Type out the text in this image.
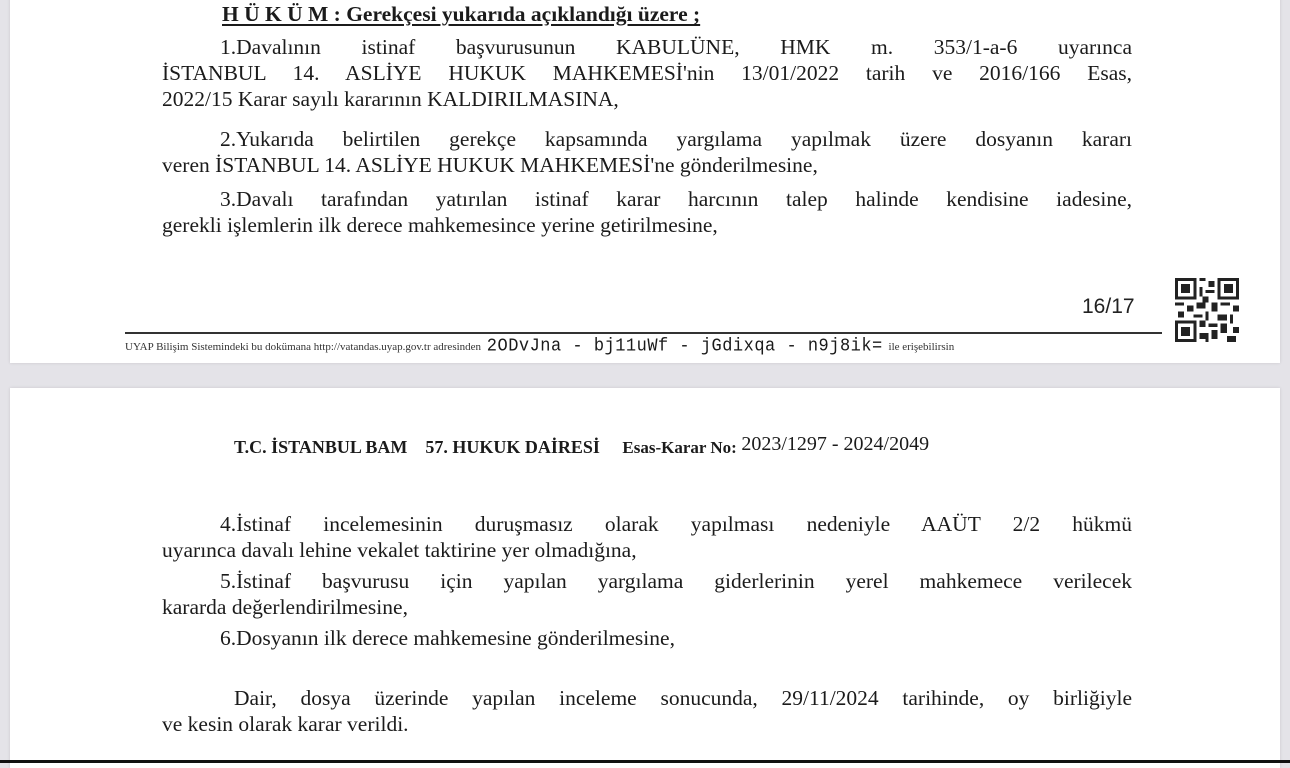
H Ü K Ü M : Gerekçesi yukarıda açıklandığı üzere ;
1.Davalının istinaf başvurusunun KABULÜNE, HMK m. 353/1-a-6 uyarınca
İSTANBUL 14. ASLİYE HUKUK MAHKEMESİ'nin 13/01/2022 tarih ve 2016/166 Esas,
2022/15 Karar sayılı kararının KALDIRILMASINA,
2.Yukarıda belirtilen gerekçe kapsamında yargılama yapılmak üzere dosyanın kararı
veren İSTANBUL 14. ASLİYE HUKUK MAHKEMESİ'ne gönderilmesine,
3.Davalı tarafından yatırılan istinaf karar harcının talep halinde kendisine iadesine,
gerekli işlemlerin ilk derece mahkemesince yerine getirilmesine,
16/17
UYAP Bilişim Sistemindeki bu dokümana http://vatandas.uyap.gov.tr adresinden 2ODvJna - bj11uWf - jGdixqa - n9j8ik= ile erişebilirsin
T.C. İSTANBUL BAM 57. HUKUK DAİRESİ Esas-Karar No: 2023/1297 - 2024/2049
4.İstinaf incelemesinin duruşmasız olarak yapılması nedeniyle AAÜT 2/2 hükmü
uyarınca davalı lehine vekalet taktirine yer olmadığına,
5.İstinaf başvurusu için yapılan yargılama giderlerinin yerel mahkemece verilecek
kararda değerlendirilmesine,
6.Dosyanın ilk derece mahkemesine gönderilmesine,
Dair, dosya üzerinde yapılan inceleme sonucunda, 29/11/2024 tarihinde, oy birliğiyle
ve kesin olarak karar verildi.
